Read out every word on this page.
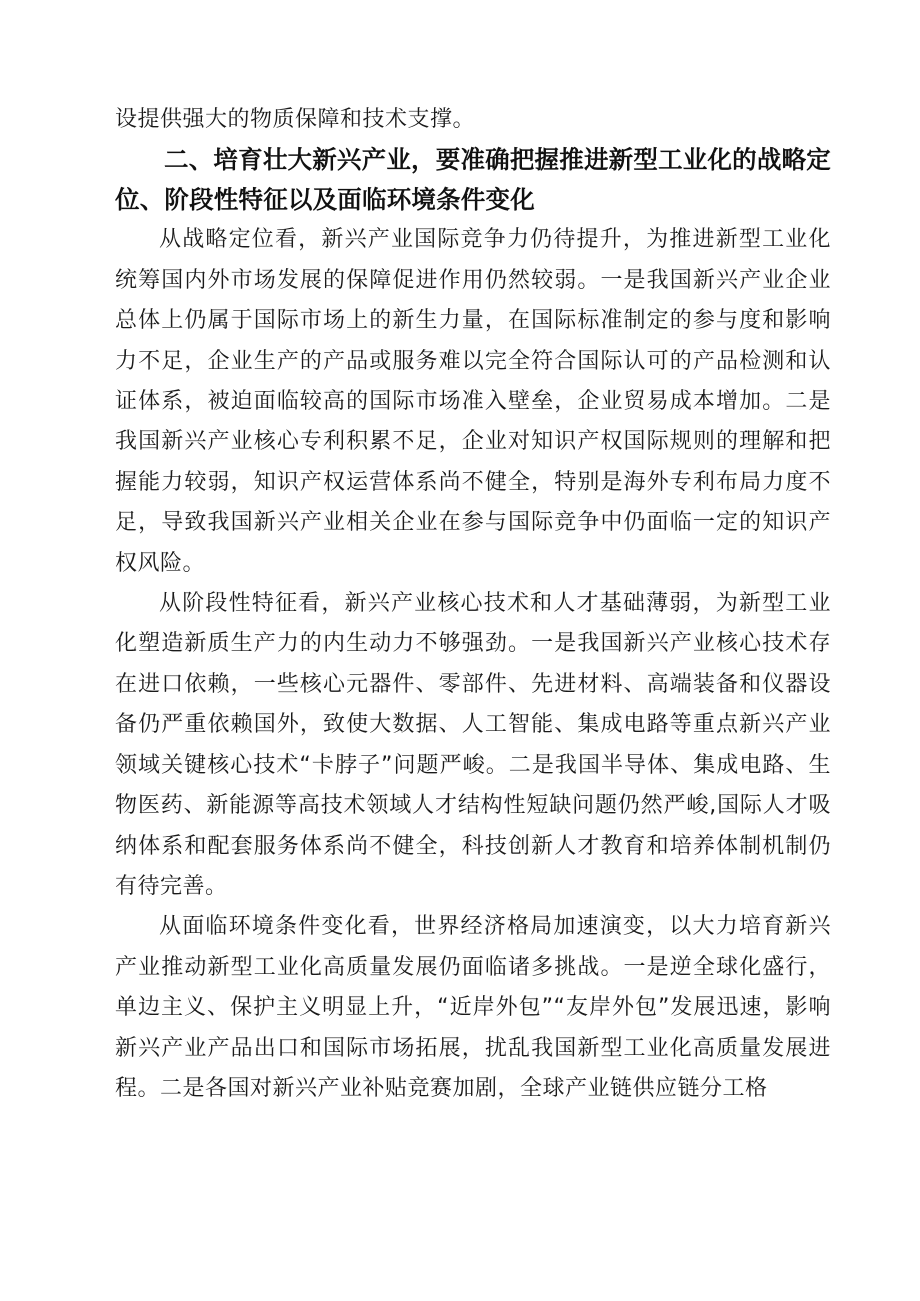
设提供强大的物质保障和技术支撑。

二、培育壮大新兴产业，要准确把握推进新型工业化的战略定位、阶段性特征以及面临环境条件变化

从战略定位看，新兴产业国际竞争力仍待提升，为推进新型工业化统筹国内外市场发展的保障促进作用仍然较弱。一是我国新兴产业企业总体上仍属于国际市场上的新生力量，在国际标准制定的参与度和影响力不足，企业生产的产品或服务难以完全符合国际认可的产品检测和认证体系，被迫面临较高的国际市场准入壁垒，企业贸易成本增加。二是我国新兴产业核心专利积累不足，企业对知识产权国际规则的理解和把握能力较弱，知识产权运营体系尚不健全，特别是海外专利布局力度不足，导致我国新兴产业相关企业在参与国际竞争中仍面临一定的知识产权风险。

从阶段性特征看，新兴产业核心技术和人才基础薄弱，为新型工业化塑造新质生产力的内生动力不够强劲。一是我国新兴产业核心技术存在进口依赖，一些核心元器件、零部件、先进材料、高端装备和仪器设备仍严重依赖国外，致使大数据、人工智能、集成电路等重点新兴产业领域关键核心技术“卡脖子”问题严峻。二是我国半导体、集成电路、生物医药、新能源等高技术领域人才结构性短缺问题仍然严峻,国际人才吸纳体系和配套服务体系尚不健全，科技创新人才教育和培养体制机制仍有待完善。

从面临环境条件变化看，世界经济格局加速演变，以大力培育新兴产业推动新型工业化高质量发展仍面临诸多挑战。一是逆全球化盛行，单边主义、保护主义明显上升，“近岸外包”“友岸外包”发展迅速，影响新兴产业产品出口和国际市场拓展，扰乱我国新型工业化高质量发展进程。二是各国对新兴产业补贴竞赛加剧，全球产业链供应链分工格
